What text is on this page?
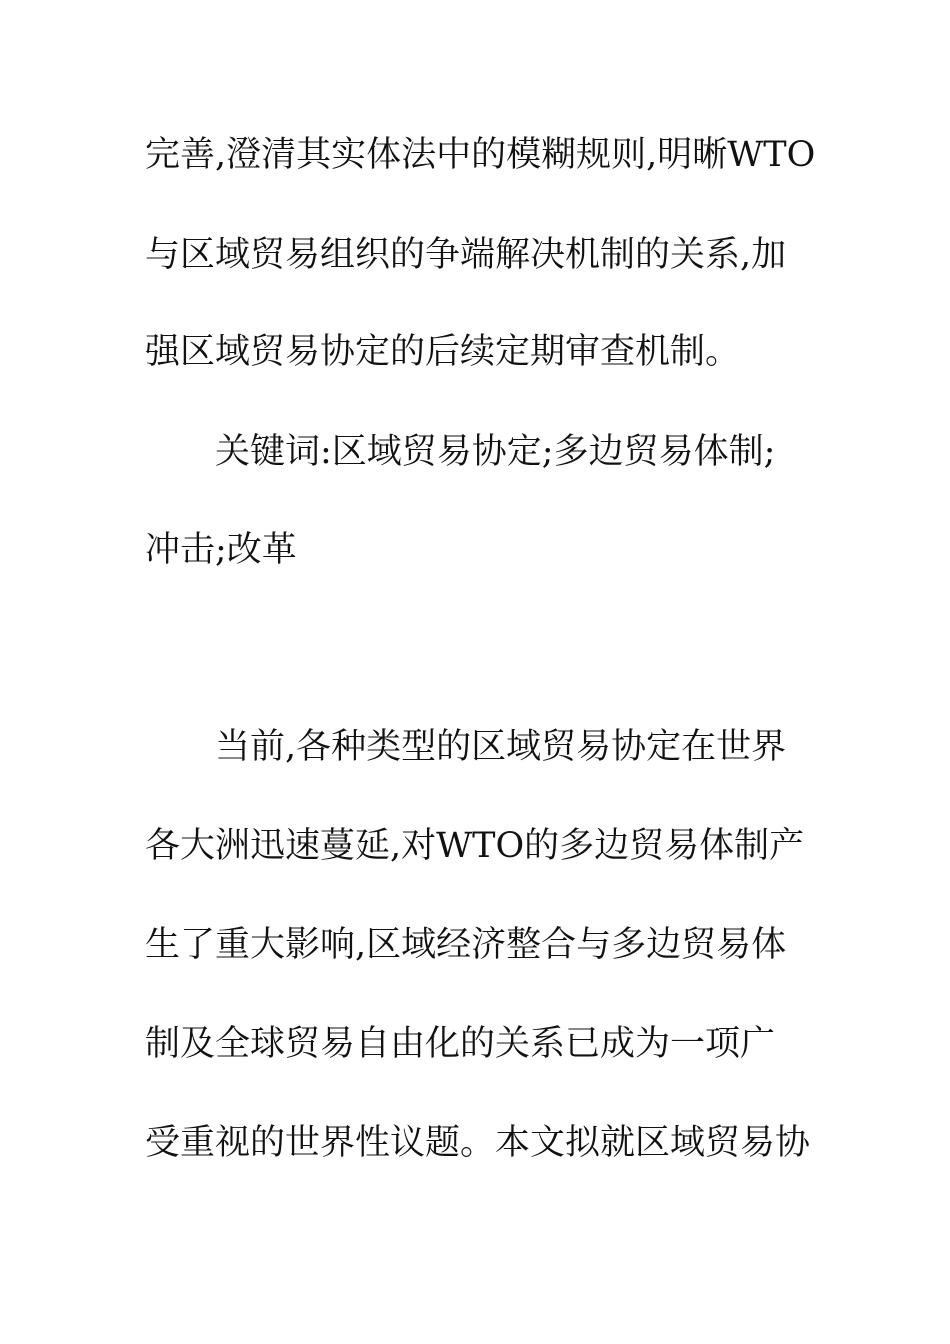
完善,澄清其实体法中的模糊规则,明晰WTO
与区域贸易组织的争端解决机制的关系,加
强区域贸易协定的后续定期审查机制。
关键词:区域贸易协定;多边贸易体制;
冲击;改革
当前,各种类型的区域贸易协定在世界
各大洲迅速蔓延,对WTO的多边贸易体制产
生了重大影响,区域经济整合与多边贸易体
制及全球贸易自由化的关系已成为一项广
受重视的世界性议题。本文拟就区域贸易协
